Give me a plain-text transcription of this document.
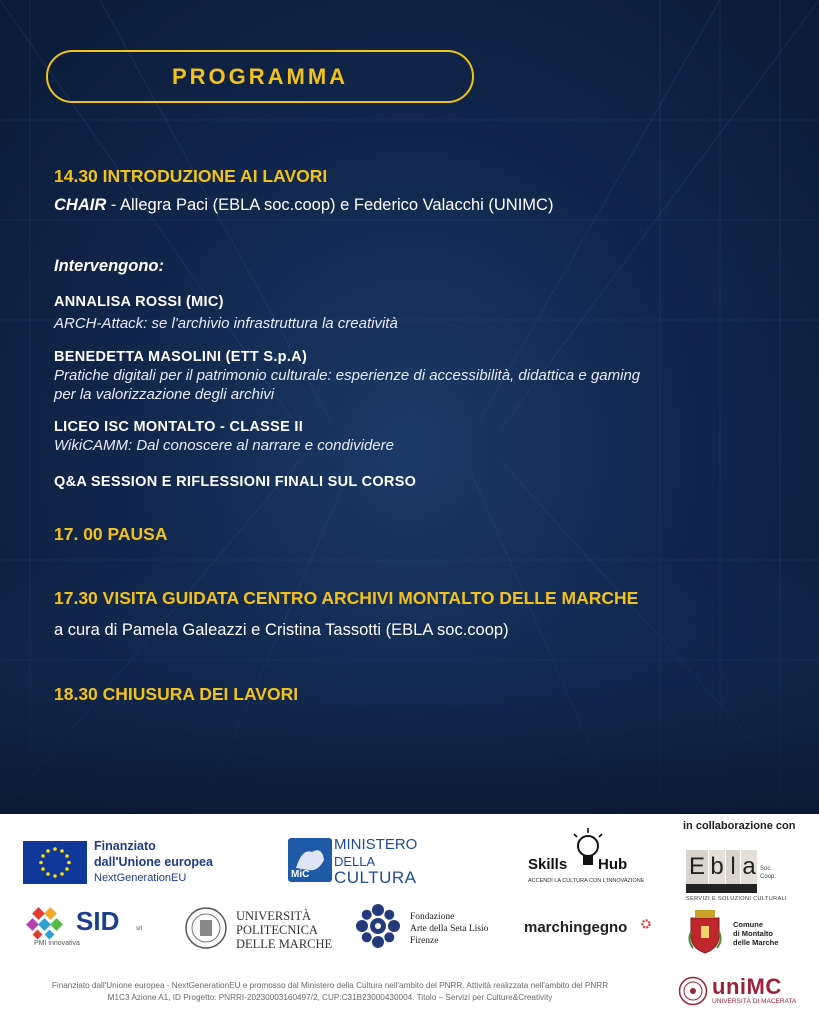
PROGRAMMA
14.30 INTRODUZIONE AI LAVORI
CHAIR - Allegra Paci (EBLA soc.coop) e Federico Valacchi (UNIMC)
Intervengono:
ANNALISA ROSSI (MIC)
ARCH-Attack: se l'archivio infrastruttura la creatività
BENEDETTA MASOLINI (ETT S.p.A)
Pratiche digitali per il patrimonio culturale: esperienze di accessibilità, didattica e gaming
per la valorizzazione degli archivi
LICEO ISC MONTALTO - CLASSE II
WikiCAMM: Dal conoscere al narrare e condividere
Q&A SESSION E RIFLESSIONI FINALI SUL CORSO
17. 00 PAUSA
17.30 VISITA GUIDATA CENTRO ARCHIVI MONTALTO DELLE MARCHE
a cura di Pamela Galeazzi e Cristina Tassotti (EBLA soc.coop)
18.30 CHIUSURA DEI LAVORI
Finanziato
dall'Unione europea
NextGenerationEU	MiC
MINISTERO
DELLA
CULTURA
Skills Hub
ACCENDI LA CULTURA CON L'INNOVAZIONE
in collaborazione con
E b l a Soc.
Coop.
SERVIZI E SOLUZIONI CULTURALI
SID	srl
PMI innovativa
UNIVERSITÀ
POLITECNICA
DELLE MARCHE
Fondazione
Arte della Seta Lisio
Firenze
marchingegno	Comune
di Montalto
delle Marche
uniMC
UNIVERSITÀ DI MACERATA
Finanziato dall'Unione europea - NextGenerationEU e promosso dal Ministero della Cultura nell'ambito del PNRR. Attività realizzata nell'ambito del PNRR
M1C3 Azione A1, ID Progetto: PNRRI-20230003160497/2, CUP:C31B23000430004. Titolo – Servizi per Culture&Creativity
